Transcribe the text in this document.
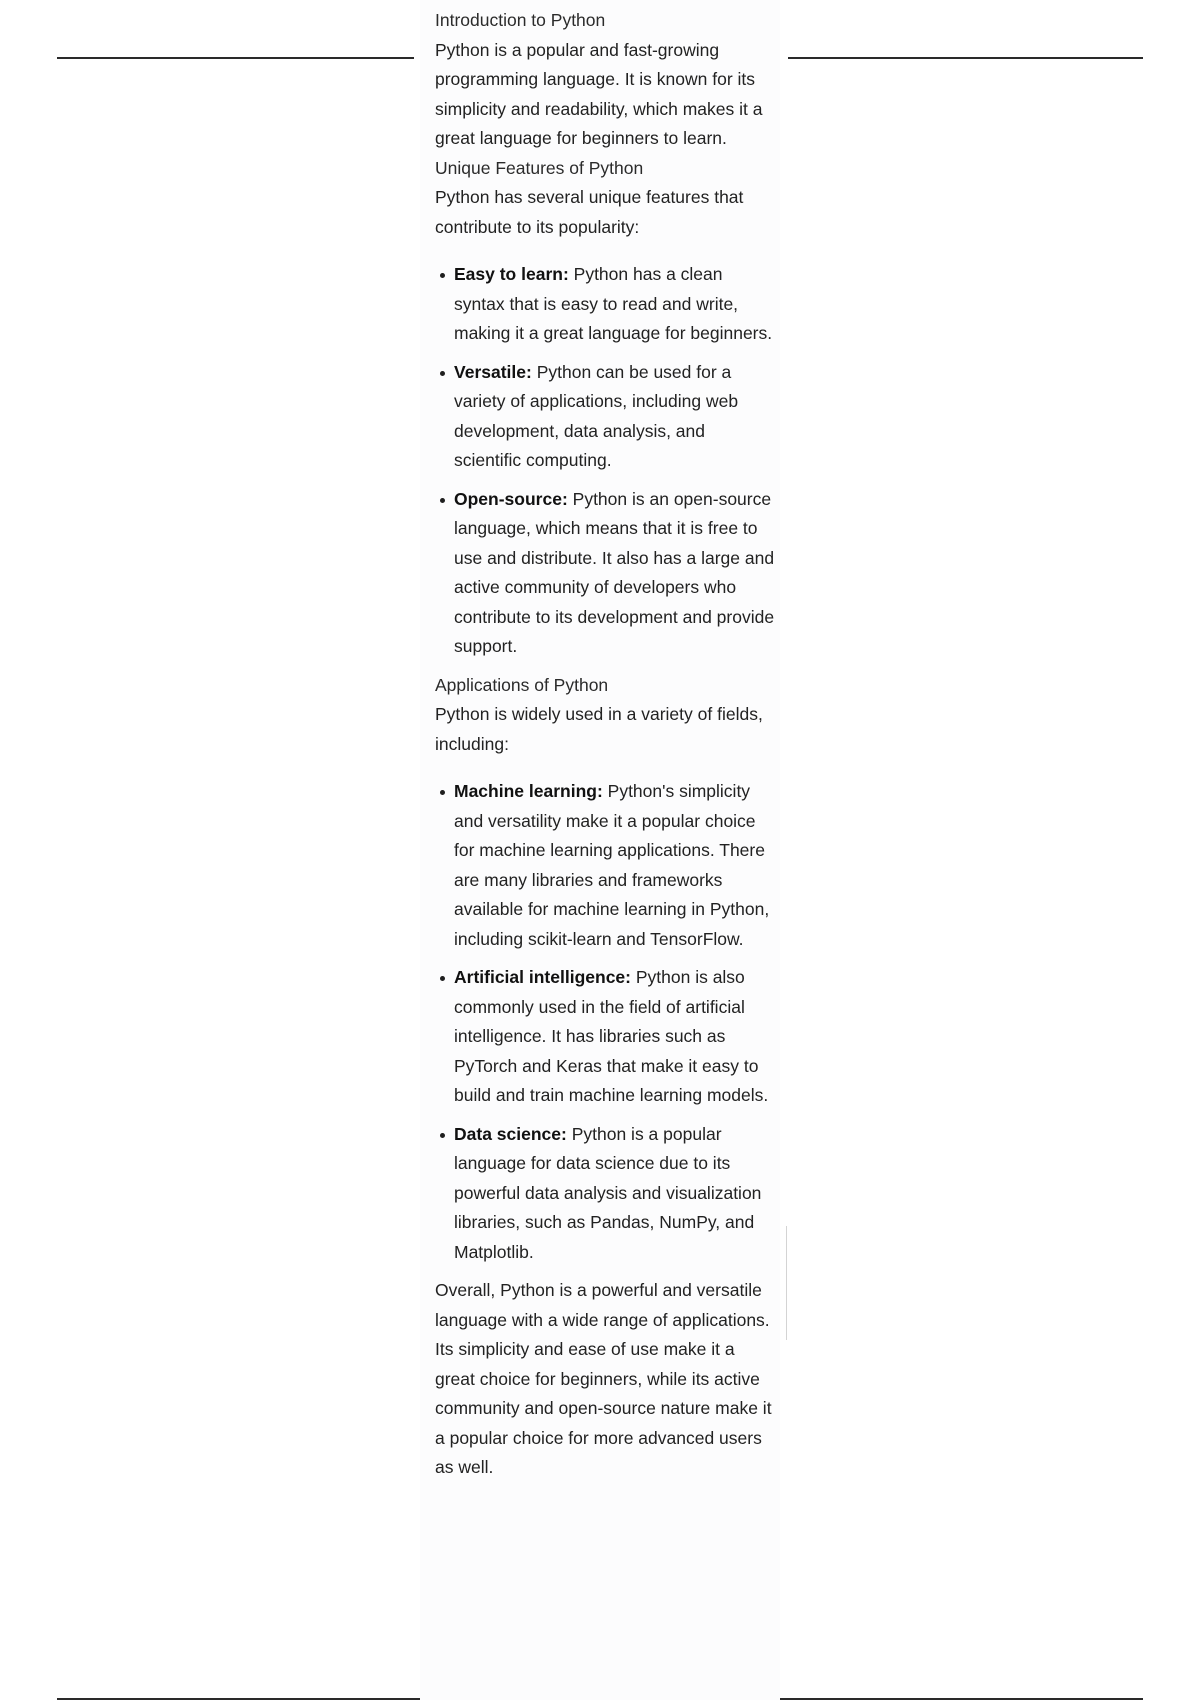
Introduction to Python

Python is a popular and fast-growing programming language. It is known for its simplicity and readability, which makes it a great language for beginners to learn.

Unique Features of Python

Python has several unique features that contribute to its popularity:

Easy to learn: Python has a clean syntax that is easy to read and write, making it a great language for beginners.
Versatile: Python can be used for a variety of applications, including web development, data analysis, and scientific computing.
Open-source: Python is an open-source language, which means that it is free to use and distribute. It also has a large and active community of developers who contribute to its development and provide support.

Applications of Python

Python is widely used in a variety of fields, including:

Machine learning: Python's simplicity and versatility make it a popular choice for machine learning applications. There are many libraries and frameworks available for machine learning in Python, including scikit-learn and TensorFlow.
Artificial intelligence: Python is also commonly used in the field of artificial intelligence. It has libraries such as PyTorch and Keras that make it easy to build and train machine learning models.
Data science: Python is a popular language for data science due to its powerful data analysis and visualization libraries, such as Pandas, NumPy, and Matplotlib.

Overall, Python is a powerful and versatile language with a wide range of applications. Its simplicity and ease of use make it a great choice for beginners, while its active community and open-source nature make it a popular choice for more advanced users as well.
